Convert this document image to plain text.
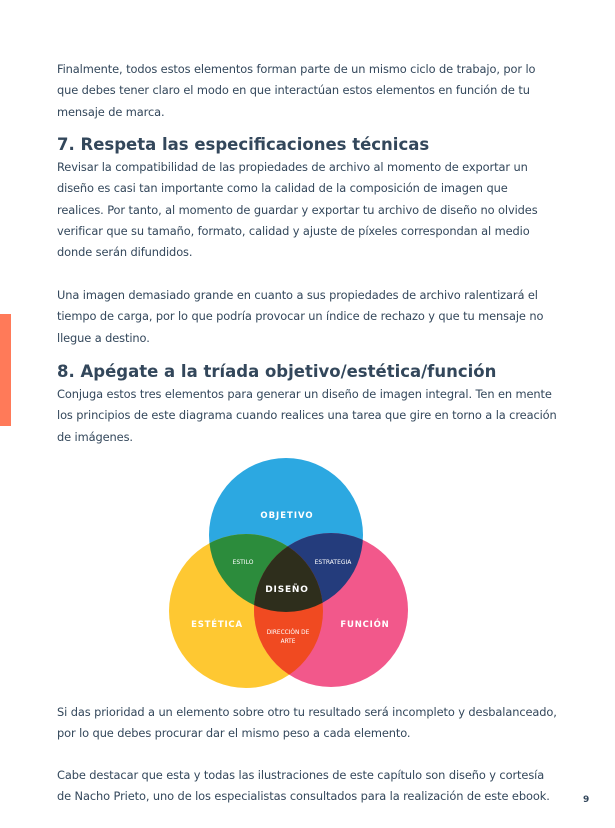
Finalmente, todos estos elementos forman parte de un mismo ciclo de trabajo, por lo que debes tener claro el modo en que interactúan estos elementos en función de tu mensaje de marca.

7. Respeta las especificaciones técnicas

Revisar la compatibilidad de las propiedades de archivo al momento de exportar un diseño es casi tan importante como la calidad de la composición de imagen que realices. Por tanto, al momento de guardar y exportar tu archivo de diseño no olvides verificar que su tamaño, formato, calidad y ajuste de píxeles correspondan al medio donde serán difundidos.

Una imagen demasiado grande en cuanto a sus propiedades de archivo ralentizará el tiempo de carga, por lo que podría provocar un índice de rechazo y que tu mensaje no llegue a destino.

8. Apégate a la tríada objetivo/estética/función

Conjuga estos tres elementos para generar un diseño de imagen integral. Ten en mente los principios de este diagrama cuando realices una tarea que gire en torno a la creación de imágenes.

OBJETIVO
ESTÉTICA	FUNCIÓN
ESTILO	ESTRATEGIA
DIRECCIÓN DE
ARTE
DISEÑO

Si das prioridad a un elemento sobre otro tu resultado será incompleto y desbalanceado, por lo que debes procurar dar el mismo peso a cada elemento.

Cabe destacar que esta y todas las ilustraciones de este capítulo son diseño y cortesía de Nacho Prieto, uno de los especialistas consultados para la realización de este ebook.	9
